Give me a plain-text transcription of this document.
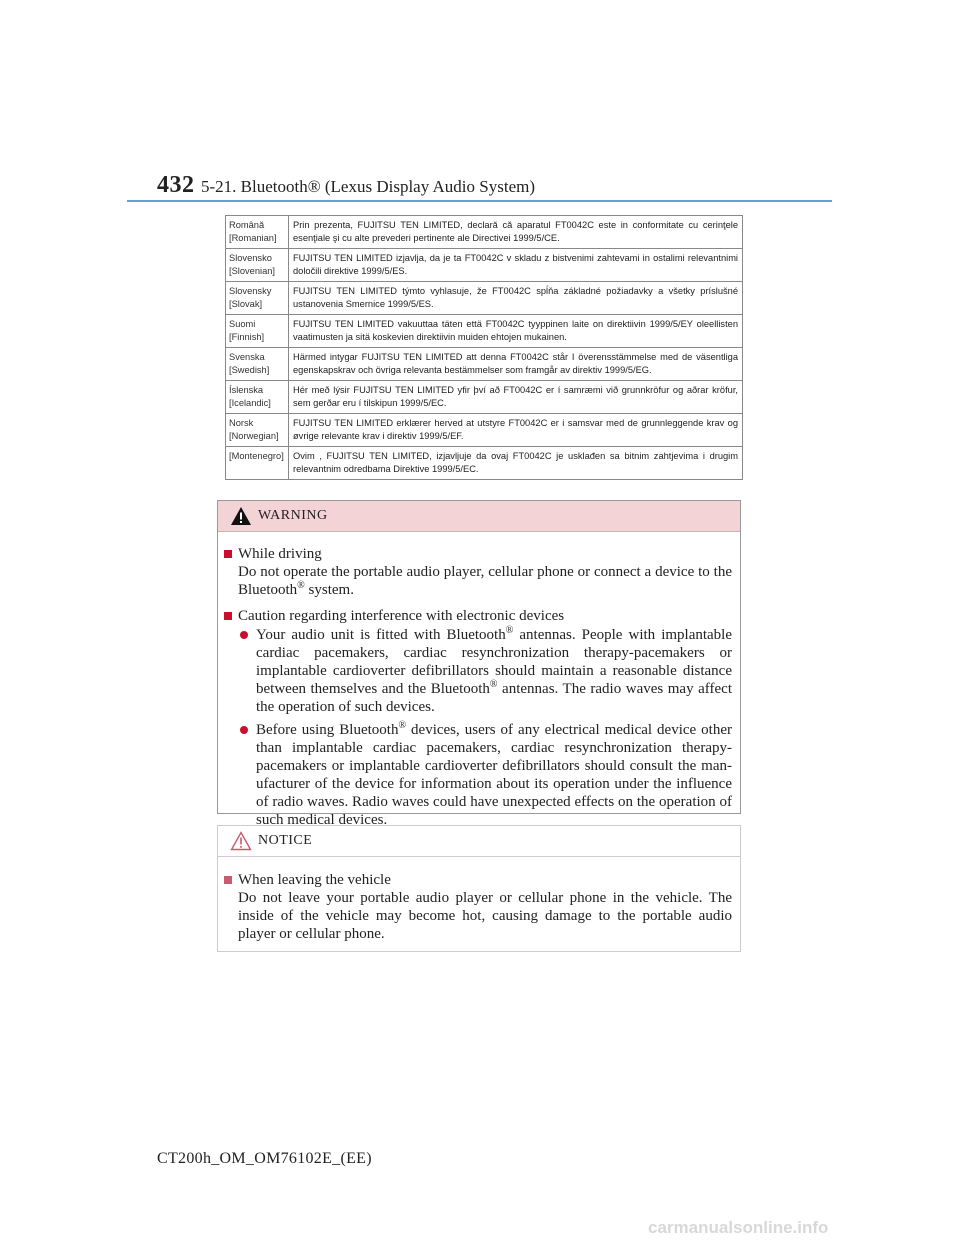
432 5-21. Bluetooth® (Lexus Display Audio System)
Română [Romanian]	Prin prezenta, FUJITSU TEN LIMITED, declară că aparatul FT0042C este in conformitate cu cerinţele esenţiale şi cu alte prevederi pertinente ale Directivei 1999/5/CE.
Slovensko [Slovenian]	FUJITSU TEN LIMITED izjavlja, da je ta FT0042C v skladu z bistvenimi zahtevami in ostalimi relevantnimi določili direktive 1999/5/ES.
Slovensky [Slovak]	FUJITSU TEN LIMITED týmto vyhlasuje, že FT0042C spĺňa základné požiadavky a všetky príslušné ustanovenia Smernice 1999/5/ES.
Suomi [Finnish]	FUJITSU TEN LIMITED vakuuttaa täten että FT0042C tyyppinen laite on direktiivin 1999/5/EY oleellisten vaatimusten ja sitä koskevien direktiivin muiden ehtojen mukainen.
Svenska [Swedish]	Härmed intygar FUJITSU TEN LIMITED att denna FT0042C står I överensstämmelse med de väsentliga egenskapskrav och övriga relevanta bestämmelser som framgår av direktiv 1999/5/EG.
Íslenska [Icelandic]	Hér með lýsir FUJITSU TEN LIMITED yfir því að FT0042C er í samræmi við grunnkröfur og aðrar kröfur, sem gerðar eru í tilskipun 1999/5/EC.
Norsk [Norwegian]	FUJITSU TEN LIMITED erklærer herved at utstyre FT0042C er i samsvar med de grunnleggende krav og øvrige relevante krav i direktiv 1999/5/EF.
[Montenegro]	Ovim , FUJITSU TEN LIMITED, izjavljuje da ovaj FT0042C je usklađen sa bitnim zahtjevima i drugim relevantnim odredbama Direktive 1999/5/EC.
WARNING
While driving
Do not operate the portable audio player, cellular phone or connect a device to the Bluetooth® system.
Caution regarding interference with electronic devices
Your audio unit is fitted with Bluetooth® antennas. People with implantable cardiac pacemakers, cardiac resynchronization therapy-pacemakers or implantable cardioverter defibrillators should maintain a reasonable distance between themselves and the Bluetooth® antennas. The radio waves may affect the operation of such devices.
Before using Bluetooth® devices, users of any electrical medical device other than implantable cardiac pacemakers, cardiac resynchronization therapy-pacemakers or implantable cardioverter defibrillators should consult the man-ufacturer of the device for information about its operation under the influence of radio waves. Radio waves could have unexpected effects on the operation of such medical devices.
NOTICE
When leaving the vehicle
Do not leave your portable audio player or cellular phone in the vehicle. The inside of the vehicle may become hot, causing damage to the portable audio player or cellular phone.
CT200h_OM_OM76102E_(EE)
carmanualsonline.info
